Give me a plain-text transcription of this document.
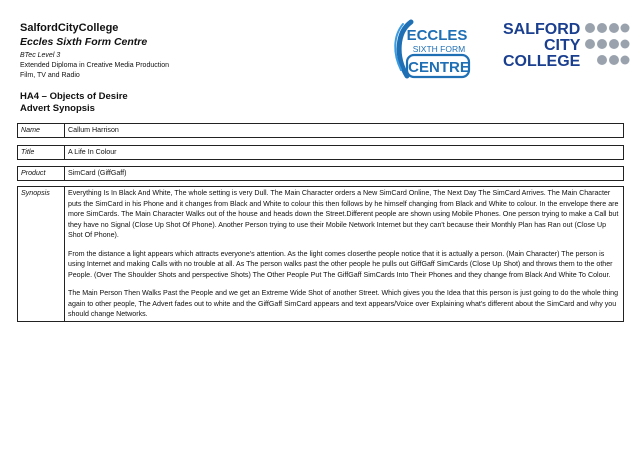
SalfordCityCollege
Eccles Sixth Form Centre
BTec Level 3
Extended Diploma in Creative Media Production
Film, TV and Radio
HA4 – Objects of Desire
Advert Synopsis
ECCLES
SIXTH FORM
CENTRE
SALFORD
CITY
COLLEGE
Name	Callum Harrison
Title	A Life In Colour
Product	SimCard (GiffGaff)
Synopsis	Everything Is In Black And White, The whole setting is very Dull. The Main Character orders a New SimCard Online, The Next Day The SimCard Arrives. The Main Character puts the SimCard in his Phone and it changes from Black and White to colour this then follows by he himself changing from Black and White to colour. In the envelope there are more SimCards. The Main Character Walks out of the house and heads down the Street.Different people are shown using Mobile Phones. One person trying to make a Call but they have no Signal (Close Up Shot Of Phone). Another Person trying to use their Mobile Network Internet but they can't because their Monthly Plan has Ran out (Close Up Shot Of Phone).

From the distance a light appears which attracts everyone's attention. As the light comes closerthe people notice that it is actually a person. (Main Character) The person is using Internet and making Calls with no trouble at all. As The person walks past the other people he pulls out GiffGaff SimCards (Close Up Shot) and throws them to the other People. (Over The Shoulder Shots and perspective Shots) The Other People Put The GiffGaff SimCards Into Their Phones and they change from Black And White To Colour.

The Main Person Then Walks Past the People and we get an Extreme Wide Shot of another Street. Which gives you the Idea that this person is just going to do the whole thing again to other people, The Advert fades out to white and the GiffGaff SimCard appears and text appears/Voice over Explaining what's different about the SimCard and why you should change Networks.
